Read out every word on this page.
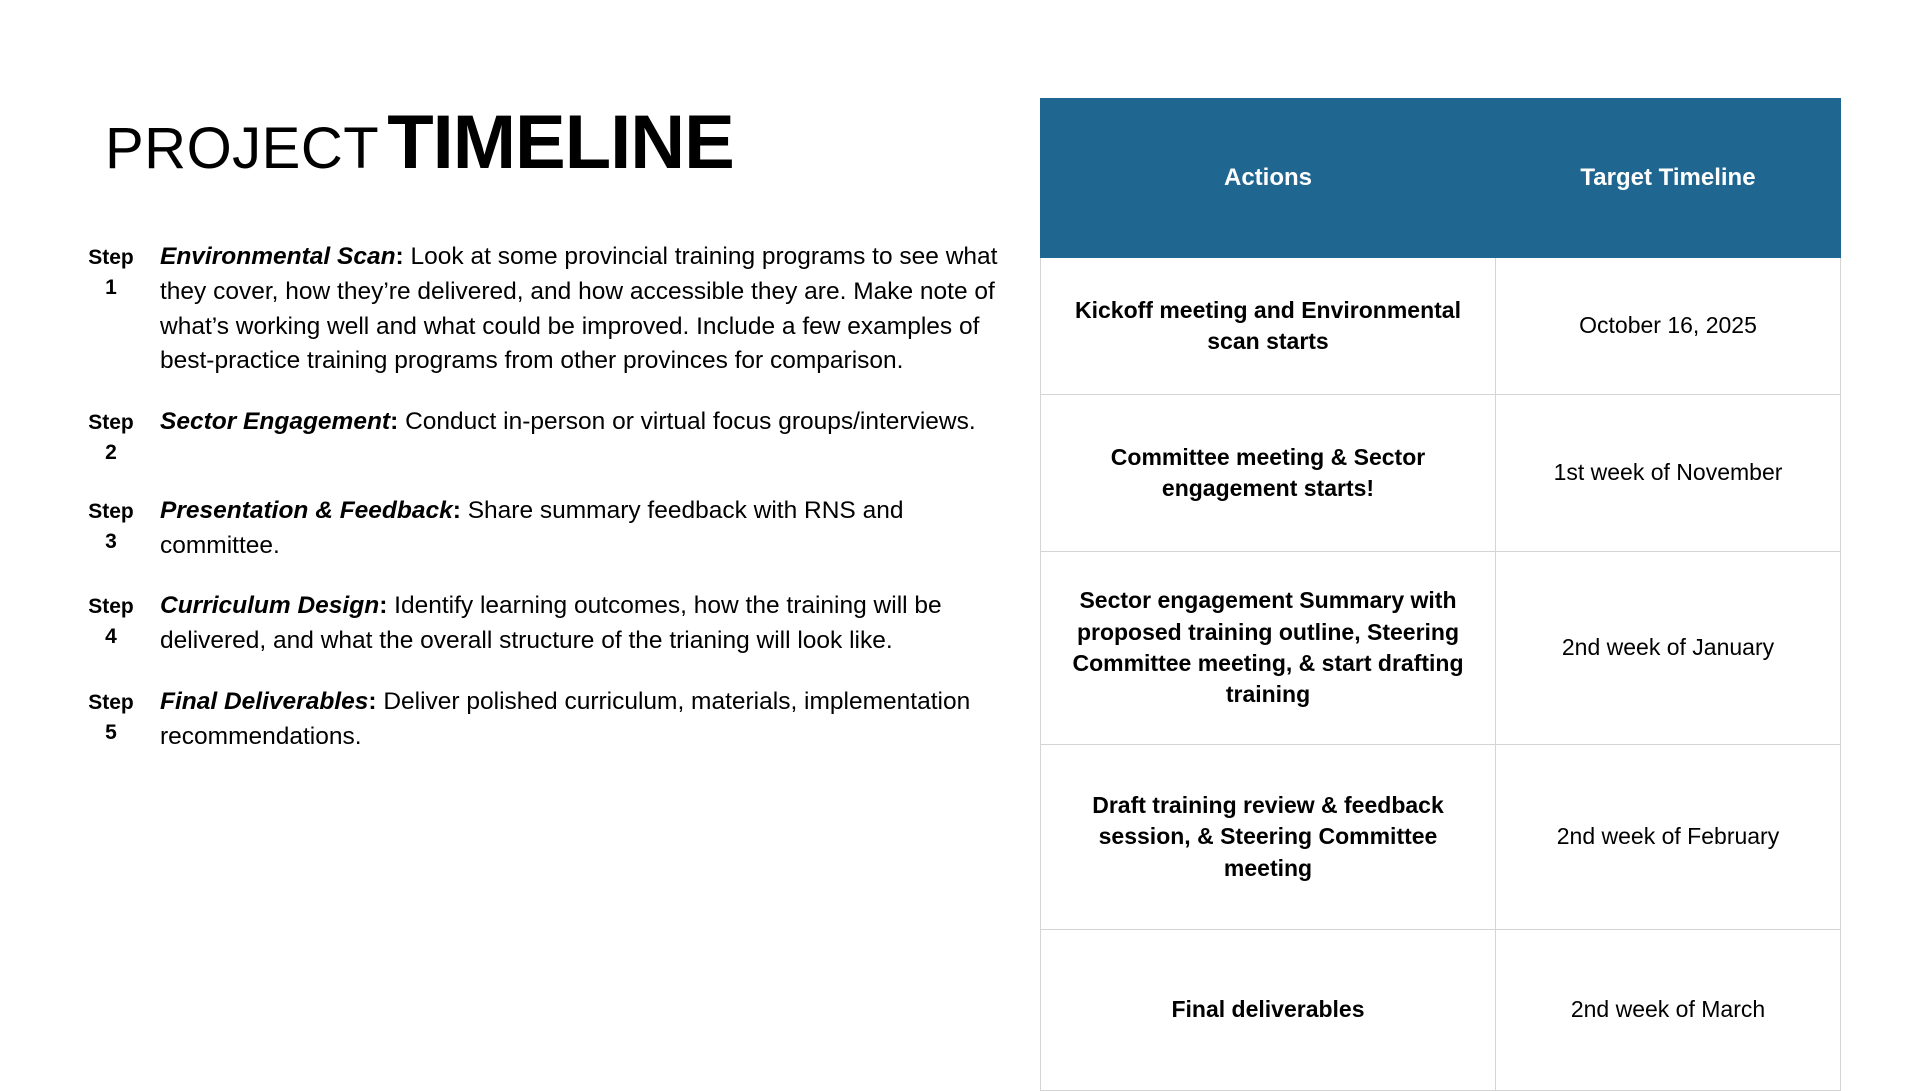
PROJECT TIMELINE
Step
1
Environmental Scan: Look at some provincial training programs to see what they cover, how they’re delivered, and how accessible they are. Make note of what’s working well and what could be improved. Include a few examples of best-practice training programs from other provinces for comparison.
Step
2
Sector Engagement: Conduct in-person or virtual focus groups/interviews.
Step
3
Presentation & Feedback: Share summary feedback with RNS and committee.
Step
4
Curriculum Design: Identify learning outcomes, how the training will be delivered, and what the overall structure of the trianing will look like.
Step
5
Final Deliverables: Deliver polished curriculum, materials, implementation recommendations.
Actions	Target Timeline
Kickoff meeting and Environmental scan starts	October 16, 2025
Committee meeting & Sector engagement starts!	1st week of November
Sector engagement Summary with proposed training outline, Steering Committee meeting, & start drafting training	2nd week of January
Draft training review & feedback session, & Steering Committee meeting	2nd week of February
Final deliverables	2nd week of March
